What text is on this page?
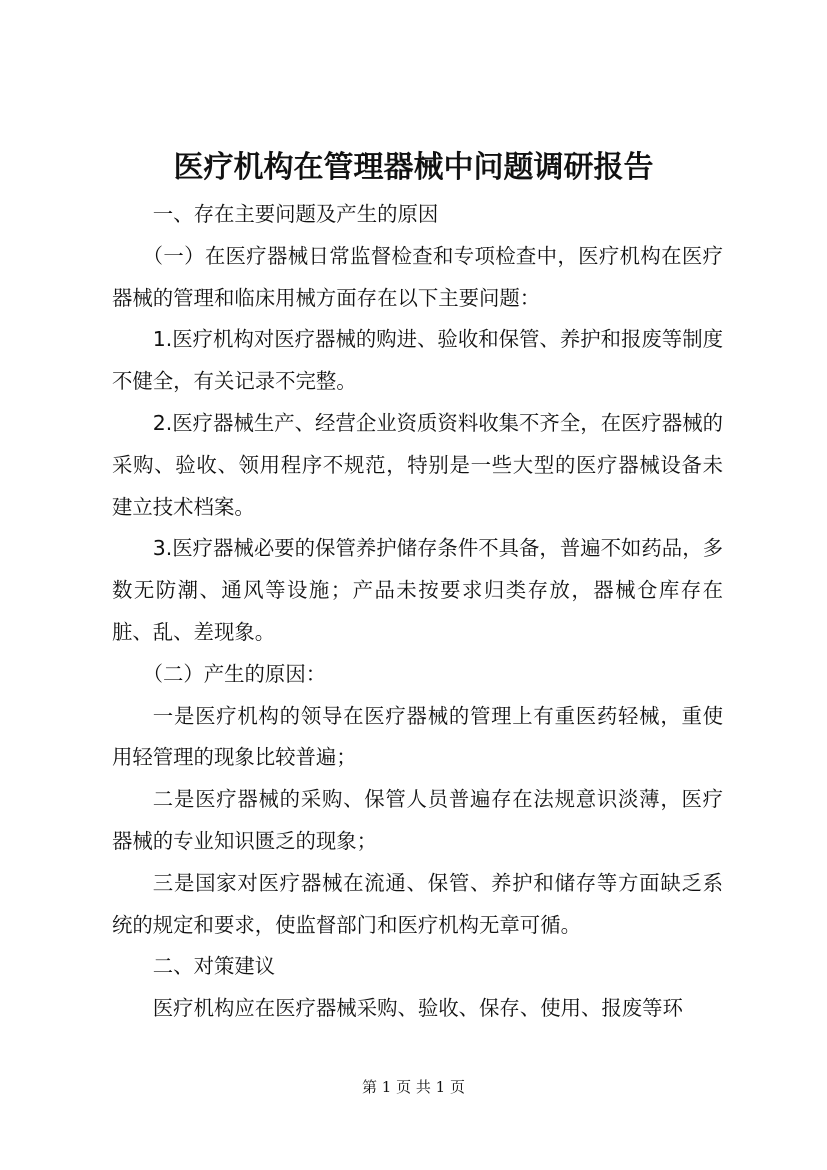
医疗机构在管理器械中问题调研报告

一、存在主要问题及产生的原因

（一）在医疗器械日常监督检查和专项检查中，医疗机构在医疗器械的管理和临床用械方面存在以下主要问题：

1.医疗机构对医疗器械的购进、验收和保管、养护和报废等制度不健全，有关记录不完整。

2.医疗器械生产、经营企业资质资料收集不齐全，在医疗器械的采购、验收、领用程序不规范，特别是一些大型的医疗器械设备未建立技术档案。

3.医疗器械必要的保管养护储存条件不具备，普遍不如药品，多数无防潮、通风等设施；产品未按要求归类存放，器械仓库存在脏、乱、差现象。

（二）产生的原因：

一是医疗机构的领导在医疗器械的管理上有重医药轻械，重使用轻管理的现象比较普遍；

二是医疗器械的采购、保管人员普遍存在法规意识淡薄，医疗器械的专业知识匮乏的现象；

三是国家对医疗器械在流通、保管、养护和储存等方面缺乏系统的规定和要求，使监督部门和医疗机构无章可循。

二、对策建议

医疗机构应在医疗器械采购、验收、保存、使用、报废等环

第 1 页 共 1 页
